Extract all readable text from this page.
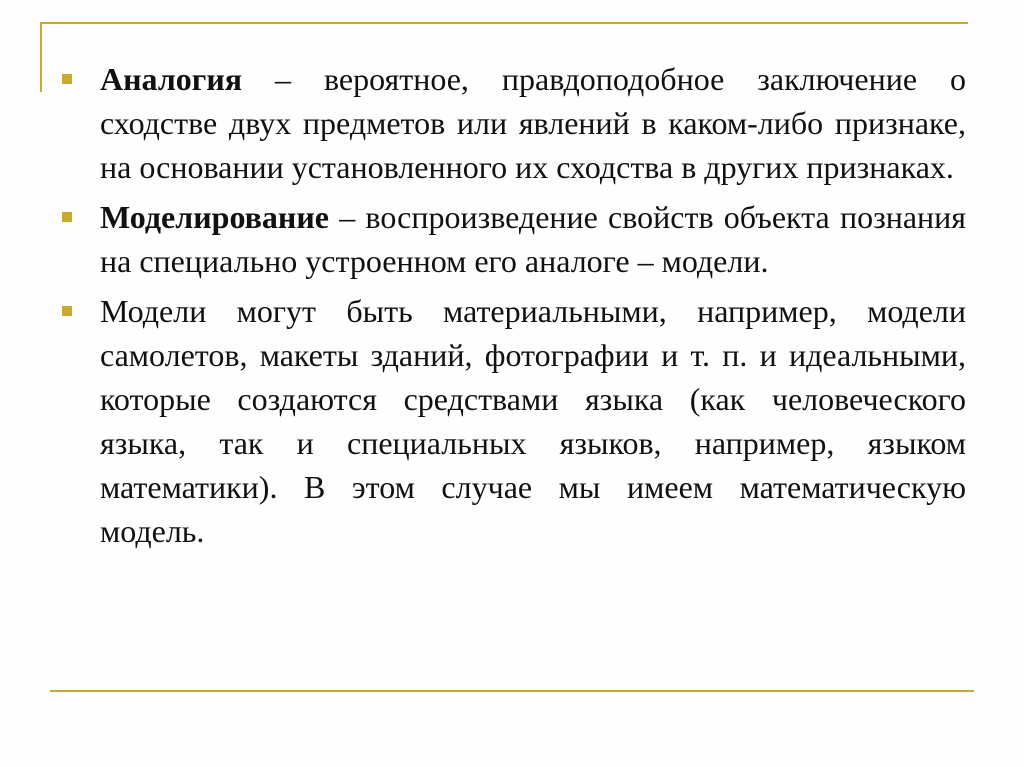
Аналогия – вероятное, правдоподобное заключение о сходстве двух предметов или явлений в каком-либо признаке, на основании установленного их сходства в других признаках.
Моделирование – воспроизведение свойств объекта познания на специально устроенном его аналоге – модели.
Модели могут быть материальными, например, модели самолетов, макеты зданий, фотографии и т. п. и идеальными, которые создаются средствами языка (как человеческого языка, так и специальных языков, например, языком математики). В этом случае мы имеем математическую модель.
